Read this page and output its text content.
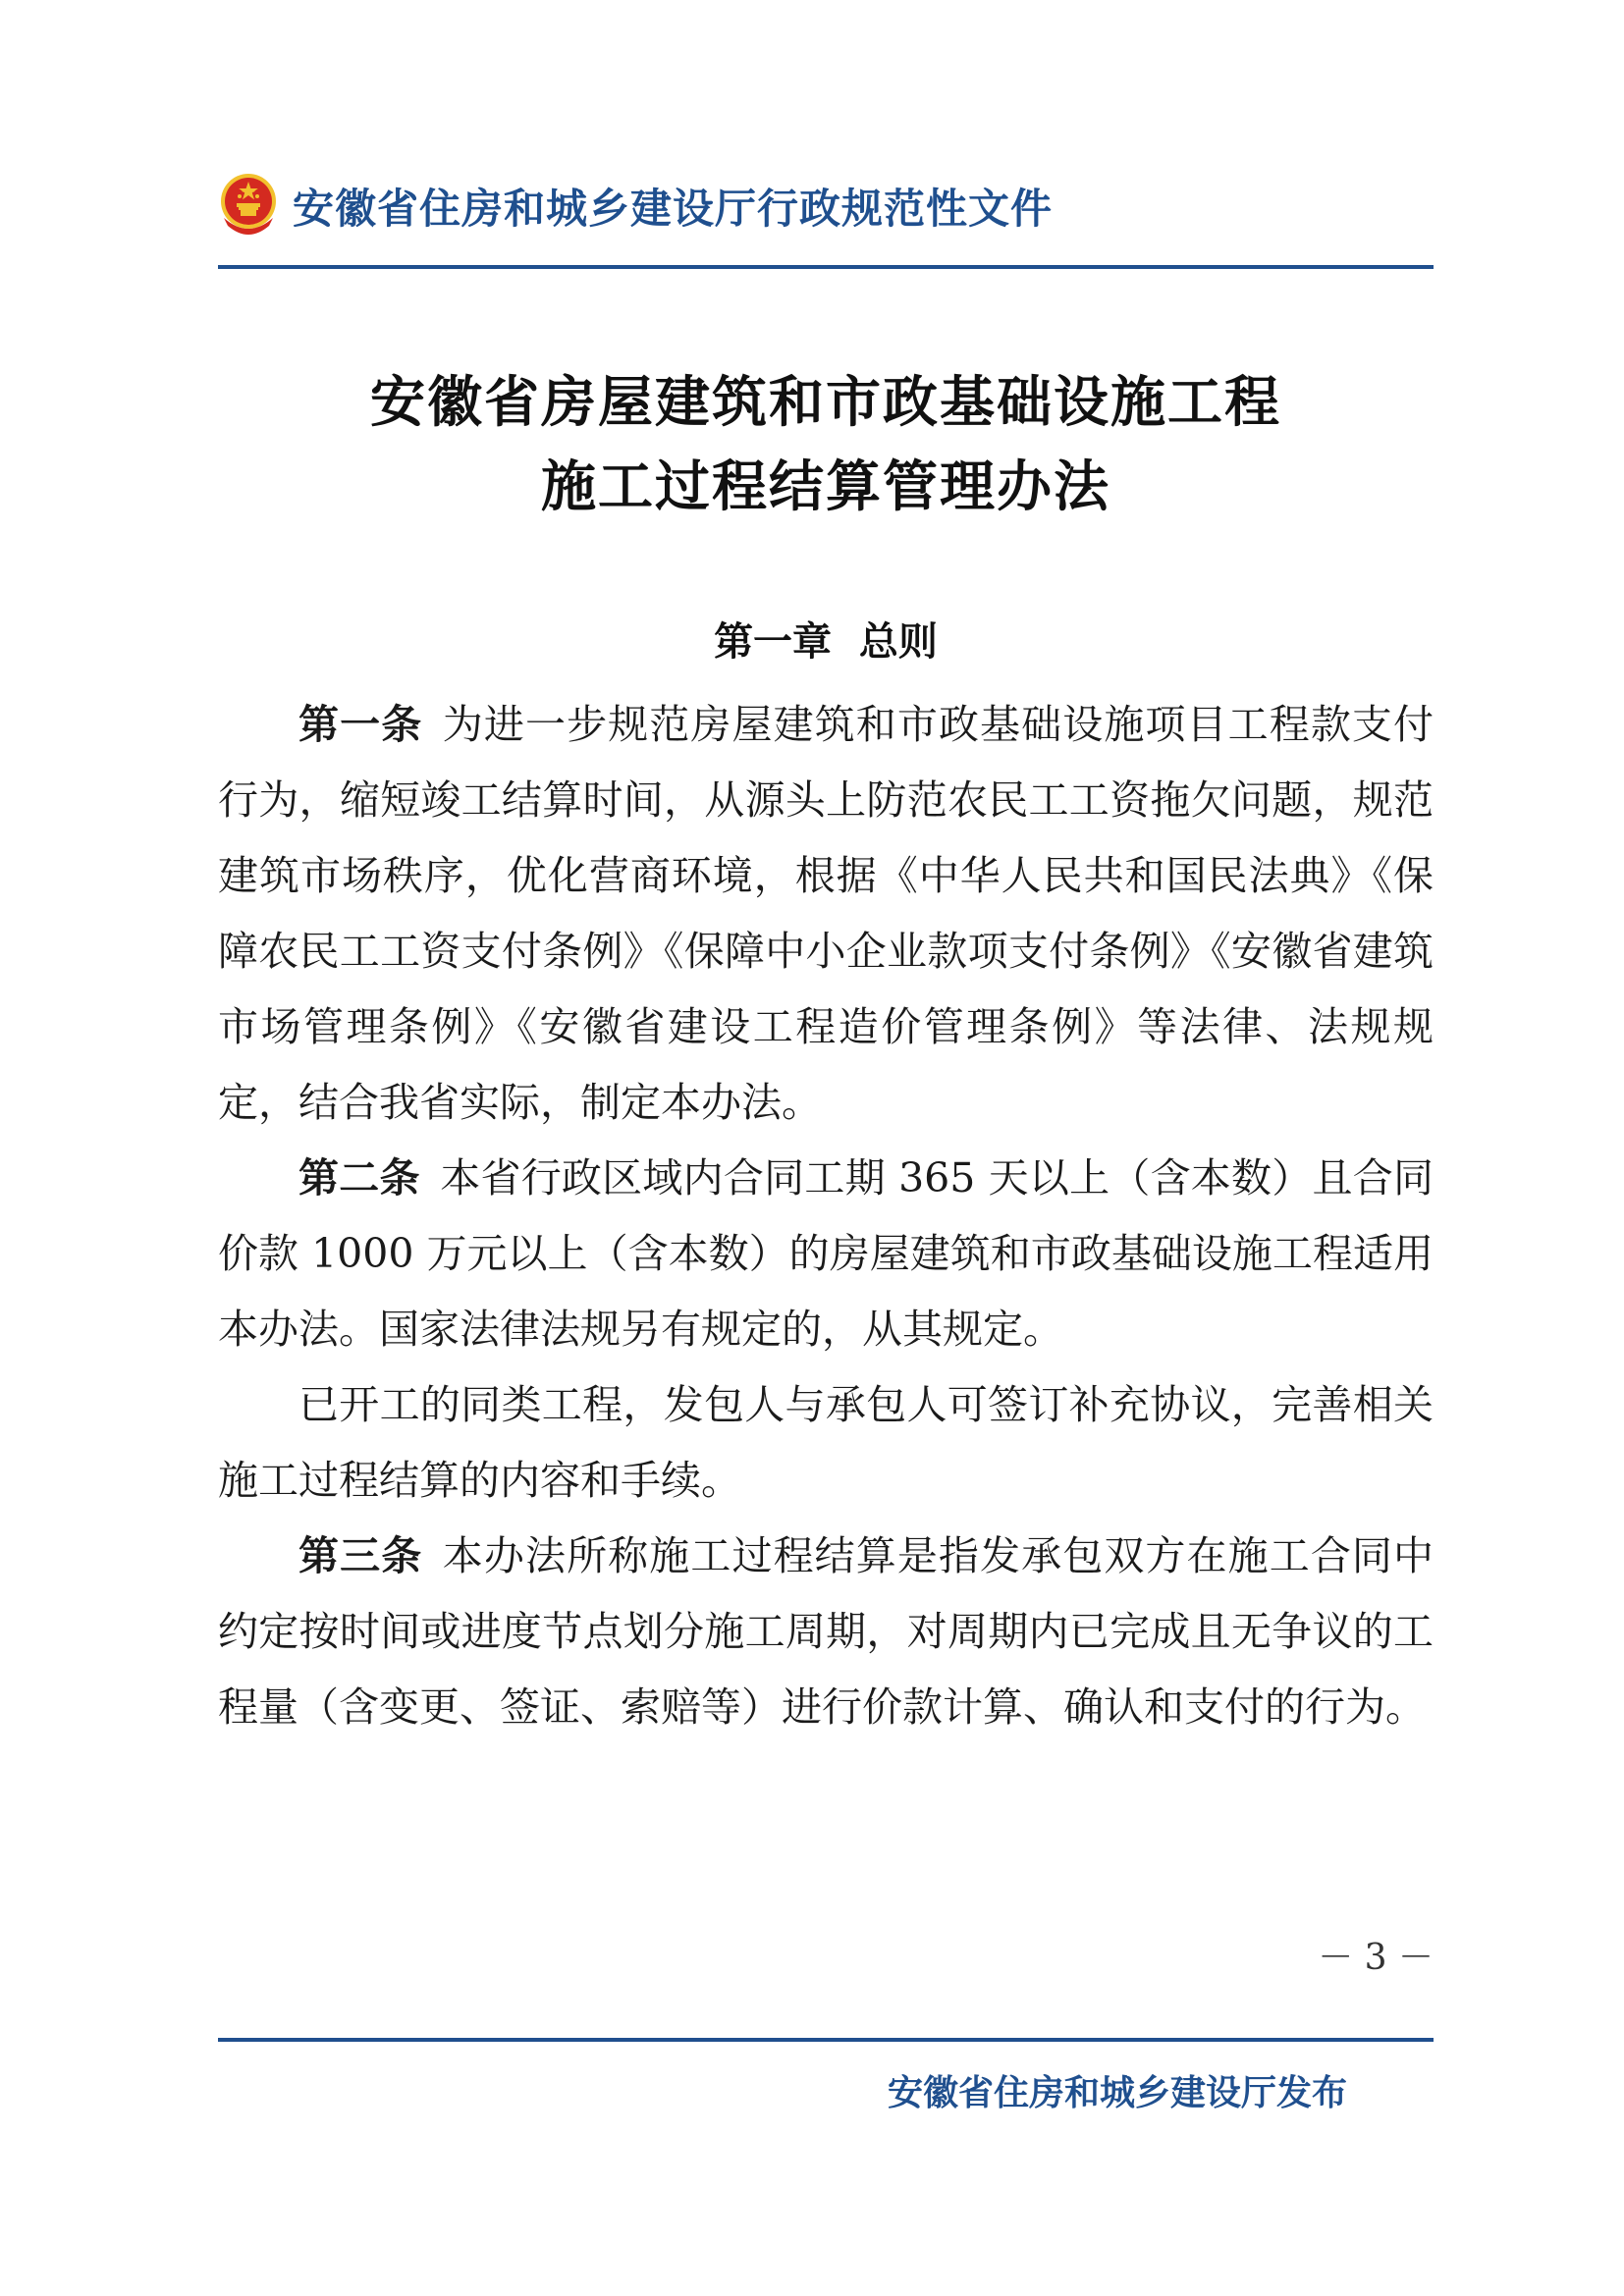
安徽省住房和城乡建设厅行政规范性文件
安徽省房屋建筑和市政基础设施工程
施工过程结算管理办法
第一章  总则

第一条 为进一步规范房屋建筑和市政基础设施项目工程款支付行为，缩短竣工结算时间，从源头上防范农民工工资拖欠问题，规范建筑市场秩序，优化营商环境，根据《中华人民共和国民法典》《保障农民工工资支付条例》《保障中小企业款项支付条例》《安徽省建筑市场管理条例》《安徽省建设工程造价管理条例》等法律、法规规定，结合我省实际，制定本办法。

第二条 本省行政区域内合同工期 365 天以上（含本数）且合同价款 1000 万元以上（含本数）的房屋建筑和市政基础设施工程适用本办法。国家法律法规另有规定的，从其规定。

已开工的同类工程，发包人与承包人可签订补充协议，完善相关施工过程结算的内容和手续。

第三条 本办法所称施工过程结算是指发承包双方在施工合同中约定按时间或进度节点划分施工周期，对周期内已完成且无争议的工程量（含变更、签证、索赔等）进行价款计算、确认和支付的行为。

－ 3 －
安徽省住房和城乡建设厅发布
